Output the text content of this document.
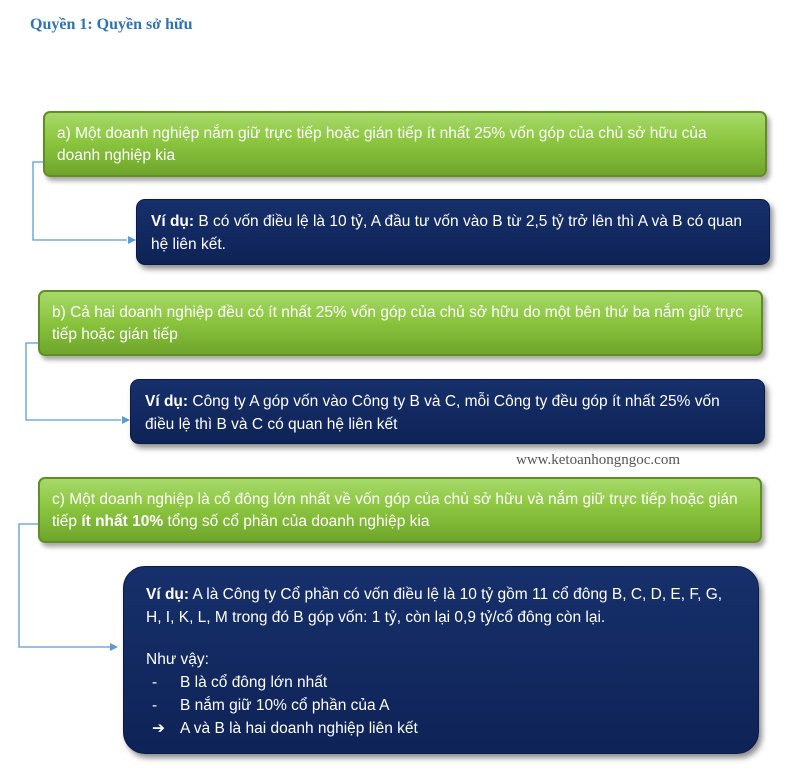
Quyền 1: Quyền sở hữu
a) Một doanh nghiệp nắm giữ trực tiếp hoặc gián tiếp ít nhất 25% vốn góp của chủ sở hữu của doanh nghiệp kia
Ví dụ: B có vốn điều lệ là 10 tỷ, A đầu tư vốn vào B từ 2,5 tỷ trở lên thì A và B có quan hệ liên kết.
b) Cả hai doanh nghiệp đều có ít nhất 25% vốn góp của chủ sở hữu do một bên thứ ba nắm giữ trực tiếp hoặc gián tiếp
Ví dụ: Công ty A góp vốn vào Công ty B và C, mỗi Công ty đều góp ít nhất 25% vốn điều lệ thì B và C có quan hệ liên kết
www.ketoanhongngoc.com
c) Một doanh nghiệp là cổ đông lớn nhất về vốn góp của chủ sở hữu và nắm giữ trực tiếp hoặc gián tiếp ít nhất 10% tổng số cổ phần của doanh nghiệp kia
Ví dụ: A là Công ty Cổ phần có vốn điều lệ là 10 tỷ gồm 11 cổ đông B, C, D, E, F, G, H, I, K, L, M trong đó B góp vốn: 1 tỷ, còn lại 0,9 tỷ/cổ đông còn lại.
Như vậy:
-	B là cổ đông lớn nhất
-	B nắm giữ 10% cổ phần của A
➔ A và B là hai doanh nghiệp liên kết
